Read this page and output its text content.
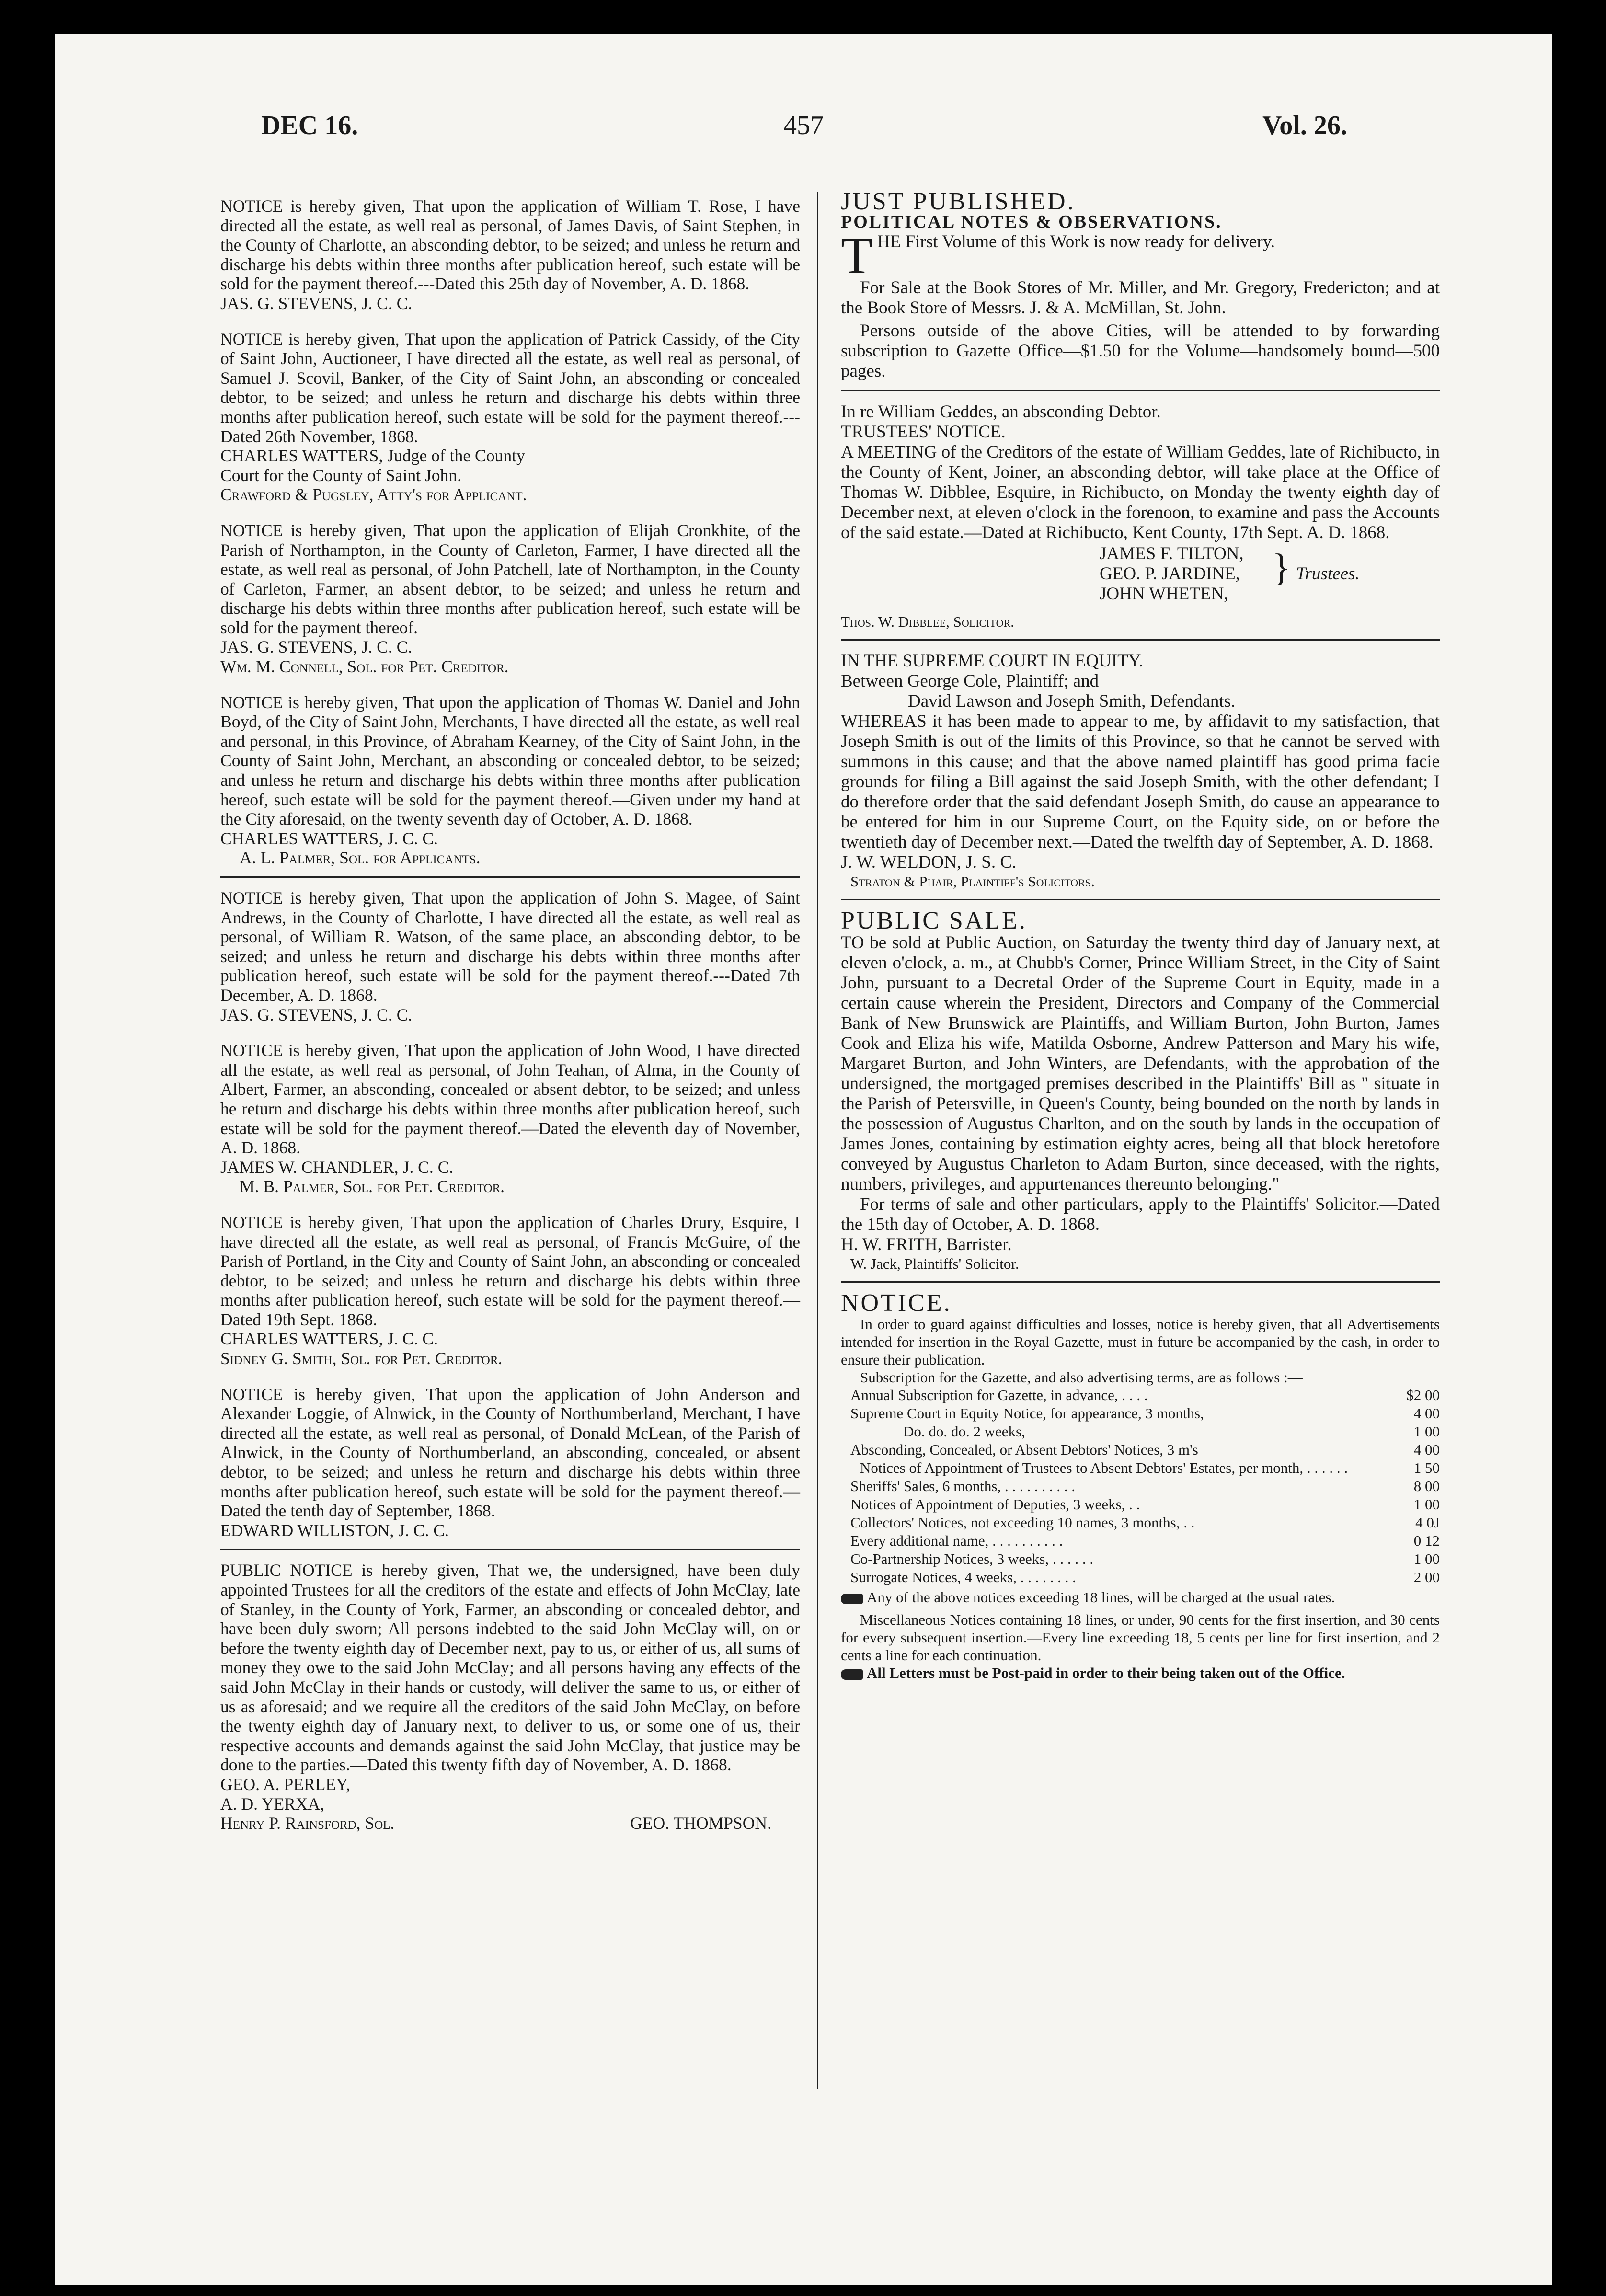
DEC 16.	457	Vol. 26.

NOTICE is hereby given, That upon the application of William T. Rose, I have directed all the estate, as well real as personal, of James Davis, of Saint Stephen, in the County of Charlotte, an absconding debtor, to be seized; and unless he return and discharge his debts within three months after publication hereof, such estate will be sold for the payment thereof.---Dated this 25th day of November, A. D. 1868.

JAS. G. STEVENS, J. C. C.

NOTICE is hereby given, That upon the application of Patrick Cassidy, of the City of Saint John, Auctioneer, I have directed all the estate, as well real as personal, of Samuel J. Scovil, Banker, of the City of Saint John, an absconding or concealed debtor, to be seized; and unless he return and discharge his debts within three months after publication hereof, such estate will be sold for the payment thereof.---Dated 26th November, 1868.

CHARLES WATTERS, Judge of the County

Court for the County of Saint John.

Crawford & Pugsley, Atty's for Applicant.

NOTICE is hereby given, That upon the application of Elijah Cronkhite, of the Parish of Northampton, in the County of Carleton, Farmer, I have directed all the estate, as well real as personal, of John Patchell, late of Northampton, in the County of Carleton, Farmer, an absent debtor, to be seized; and unless he return and discharge his debts within three months after publication hereof, such estate will be sold for the payment thereof.

JAS. G. STEVENS, J. C. C.

Wm. M. Connell, Sol. for Pet. Creditor.

NOTICE is hereby given, That upon the application of Thomas W. Daniel and John Boyd, of the City of Saint John, Merchants, I have directed all the estate, as well real and personal, in this Province, of Abraham Kearney, of the City of Saint John, in the County of Saint John, Merchant, an absconding or concealed debtor, to be seized; and unless he return and discharge his debts within three months after publication hereof, such estate will be sold for the payment thereof.—Given under my hand at the City aforesaid, on the twenty seventh day of October, A. D. 1868.

CHARLES WATTERS, J. C. C.

A. L. Palmer, Sol. for Applicants.

NOTICE is hereby given, That upon the application of John S. Magee, of Saint Andrews, in the County of Charlotte, I have directed all the estate, as well real as personal, of William R. Watson, of the same place, an absconding debtor, to be seized; and unless he return and discharge his debts within three months after publication hereof, such estate will be sold for the payment thereof.---Dated 7th December, A. D. 1868.

JAS. G. STEVENS, J. C. C.

NOTICE is hereby given, That upon the application of John Wood, I have directed all the estate, as well real as personal, of John Teahan, of Alma, in the County of Albert, Farmer, an absconding, concealed or absent debtor, to be seized; and unless he return and discharge his debts within three months after publication hereof, such estate will be sold for the payment thereof.—Dated the eleventh day of November, A. D. 1868.

JAMES W. CHANDLER, J. C. C.

M. B. Palmer, Sol. for Pet. Creditor.

NOTICE is hereby given, That upon the application of Charles Drury, Esquire, I have directed all the estate, as well real as personal, of Francis McGuire, of the Parish of Portland, in the City and County of Saint John, an absconding or concealed debtor, to be seized; and unless he return and discharge his debts within three months after publication hereof, such estate will be sold for the payment thereof.—Dated 19th Sept. 1868.

CHARLES WATTERS, J. C. C.

Sidney G. Smith, Sol. for Pet. Creditor.

NOTICE is hereby given, That upon the application of John Anderson and Alexander Loggie, of Alnwick, in the County of Northumberland, Merchant, I have directed all the estate, as well real as personal, of Donald McLean, of the Parish of Alnwick, in the County of Northumberland, an absconding, concealed, or absent debtor, to be seized; and unless he return and discharge his debts within three months after publication hereof, such estate will be sold for the payment thereof.—Dated the tenth day of September, 1868.

EDWARD WILLISTON, J. C. C.

PUBLIC NOTICE is hereby given, That we, the undersigned, have been duly appointed Trustees for all the creditors of the estate and effects of John McClay, late of Stanley, in the County of York, Farmer, an absconding or concealed debtor, and have been duly sworn; All persons indebted to the said John McClay will, on or before the twenty eighth day of December next, pay to us, or either of us, all sums of money they owe to the said John McClay; and all persons having any effects of the said John McClay in their hands or custody, will deliver the same to us, or either of us as aforesaid; and we require all the creditors of the said John McClay, on before the twenty eighth day of January next, to deliver to us, or some one of us, their respective accounts and demands against the said John McClay, that justice may be done to the parties.—Dated this twenty fifth day of November, A. D. 1868.

GEO. A. PERLEY,

A. D. YERXA,

Henry P. Rainsford, Sol.	GEO. THOMPSON.

JUST PUBLISHED.

POLITICAL NOTES & OBSERVATIONS.

THE First Volume of this Work is now ready for delivery.

For Sale at the Book Stores of Mr. Miller, and Mr. Gregory, Fredericton; and at the Book Store of Messrs. J. & A. McMillan, St. John.

Persons outside of the above Cities, will be attended to by forwarding subscription to Gazette Office—$1.50 for the Volume—handsomely bound—500 pages.

In re William Geddes, an absconding Debtor.

TRUSTEES' NOTICE.

A MEETING of the Creditors of the estate of William Geddes, late of Richibucto, in the County of Kent, Joiner, an absconding debtor, will take place at the Office of Thomas W. Dibblee, Esquire, in Richibucto, on Monday the twenty eighth day of December next, at eleven o'clock in the forenoon, to examine and pass the Accounts of the said estate.—Dated at Richibucto, Kent County, 17th Sept. A. D. 1868.

JAMES F. TILTON,
GEO. P. JARDINE,
JOHN WHETEN,
} Trustees.

Thos. W. Dibblee, Solicitor.

IN THE SUPREME COURT IN EQUITY.

Between George Cole, Plaintiff; and

David Lawson and Joseph Smith, Defendants.

WHEREAS it has been made to appear to me, by affidavit to my satisfaction, that Joseph Smith is out of the limits of this Province, so that he cannot be served with summons in this cause; and that the above named plaintiff has good prima facie grounds for filing a Bill against the said Joseph Smith, with the other defendant; I do therefore order that the said defendant Joseph Smith, do cause an appearance to be entered for him in our Supreme Court, on the Equity side, on or before the twentieth day of December next.—Dated the twelfth day of September, A. D. 1868.

J. W. WELDON, J. S. C.

Straton & Phair, Plaintiff's Solicitors.

PUBLIC SALE.

TO be sold at Public Auction, on Saturday the twenty third day of January next, at eleven o'clock, a. m., at Chubb's Corner, Prince William Street, in the City of Saint John, pursuant to a Decretal Order of the Supreme Court in Equity, made in a certain cause wherein the President, Directors and Company of the Commercial Bank of New Brunswick are Plaintiffs, and William Burton, John Burton, James Cook and Eliza his wife, Matilda Osborne, Andrew Patterson and Mary his wife, Margaret Burton, and John Winters, are Defendants, with the approbation of the undersigned, the mortgaged premises described in the Plaintiffs' Bill as " situate in the Parish of Petersville, in Queen's County, being bounded on the north by lands in the possession of Augustus Charlton, and on the south by lands in the occupation of James Jones, containing by estimation eighty acres, being all that block heretofore conveyed by Augustus Charleton to Adam Burton, since deceased, with the rights, numbers, privileges, and appurtenances thereunto belonging."

For terms of sale and other particulars, apply to the Plaintiffs' Solicitor.—Dated the 15th day of October, A. D. 1868.

H. W. FRITH, Barrister.

W. Jack, Plaintiffs' Solicitor.

NOTICE.

In order to guard against difficulties and losses, notice is hereby given, that all Advertisements intended for insertion in the Royal Gazette, must in future be accompanied by the cash, in order to ensure their publication.

Subscription for the Gazette, and also advertising terms, are as follows :—

Annual Subscription for Gazette, in advance, . . . .	$2 00
Supreme Court in Equity Notice, for appearance, 3 months,	4 00
Do. do. do. 2 weeks,	1 00
Absconding, Concealed, or Absent Debtors' Notices, 3 m's	4 00
Notices of Appointment of Trustees to Absent Debtors' Estates, per month, . . . . . .	1 50
Sheriffs' Sales, 6 months, . . . . . . . . . .	8 00
Notices of Appointment of Deputies, 3 weeks, . .	1 00
Collectors' Notices, not exceeding 10 names, 3 months, . .	4 0J
Every additional name, . . . . . . . . . .	0 12
Co-Partnership Notices, 3 weeks, . . . . . .	1 00
Surrogate Notices, 4 weeks, . . . . . . . .	2 00

Any of the above notices exceeding 18 lines, will be charged at the usual rates.

Miscellaneous Notices containing 18 lines, or under, 90 cents for the first insertion, and 30 cents for every subsequent insertion.—Every line exceeding 18, 5 cents per line for first insertion, and 2 cents a line for each continuation.

All Letters must be Post-paid in order to their being taken out of the Office.
